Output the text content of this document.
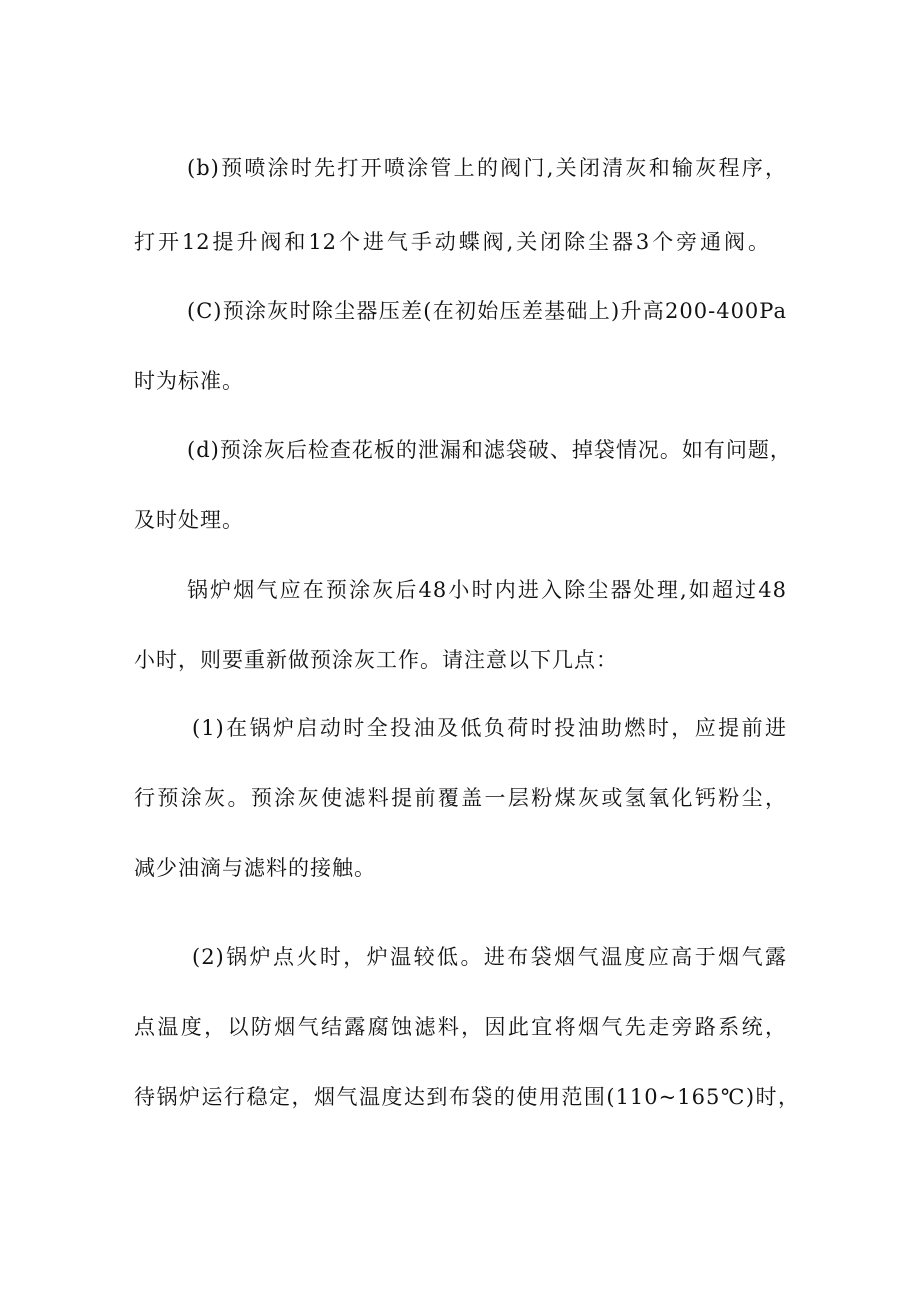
(b)预喷涂时先打开喷涂管上的阀门,关闭清灰和输灰程序，
打开12提升阀和12个进气手动蝶阀,关闭除尘器3个旁通阀。
(C)预涂灰时除尘器压差(在初始压差基础上)升高200-400Pa
时为标准。
(d)预涂灰后检查花板的泄漏和滤袋破、掉袋情况。如有问题，
及时处理。
锅炉烟气应在预涂灰后48小时内进入除尘器处理,如超过48
小时，则要重新做预涂灰工作。请注意以下几点：
(1)在锅炉启动时全投油及低负荷时投油助燃时，应提前进
行预涂灰。预涂灰使滤料提前覆盖一层粉煤灰或氢氧化钙粉尘，
减少油滴与滤料的接触。
(2)锅炉点火时，炉温较低。进布袋烟气温度应高于烟气露
点温度，以防烟气结露腐蚀滤料，因此宜将烟气先走旁路系统，
待锅炉运行稳定，烟气温度达到布袋的使用范围(110~165℃)时，
